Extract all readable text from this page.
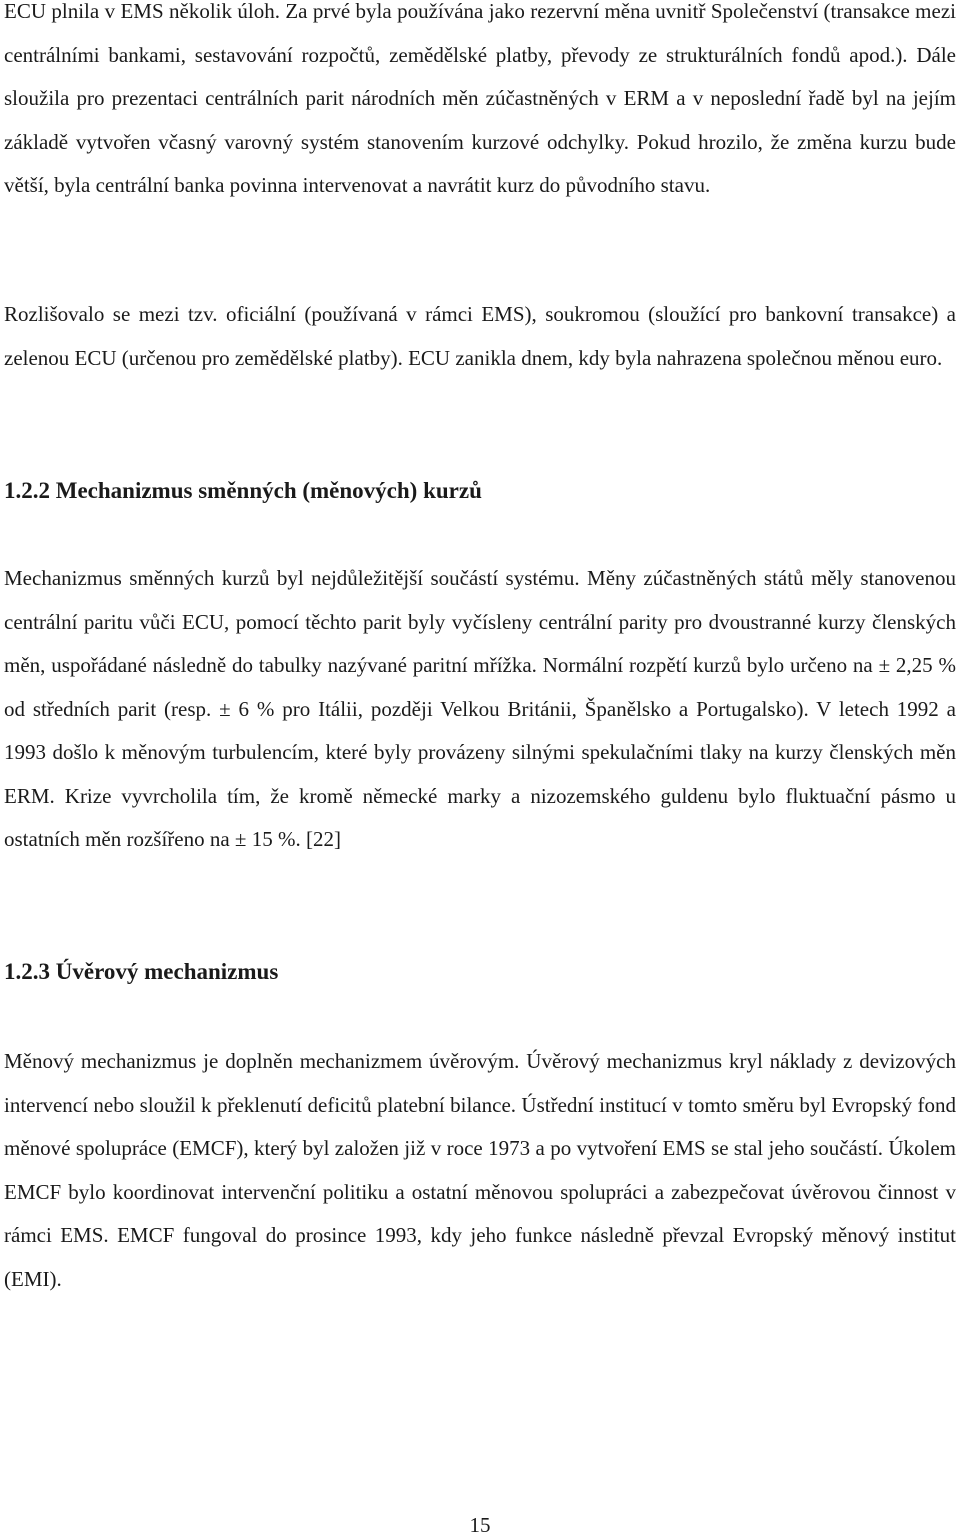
ECU plnila v EMS několik úloh. Za prvé byla používána jako rezervní měna uvnitř Společenství (transakce mezi centrálními bankami, sestavování rozpočtů, zemědělské platby, převody ze strukturálních fondů apod.). Dále sloužila pro prezentaci centrálních parit národních měn zúčastněných v ERM a v neposlední řadě byl na jejím základě vytvořen včasný varovný systém stanovením kurzové odchylky. Pokud hrozilo, že změna kurzu bude větší, byla centrální banka povinna intervenovat a navrátit kurz do původního stavu.

Rozlišovalo se mezi tzv. oficiální (používaná v rámci EMS), soukromou (sloužící pro bankovní transakce) a zelenou ECU (určenou pro zemědělské platby). ECU zanikla dnem, kdy byla nahrazena společnou měnou euro.

1.2.2 Mechanizmus směnných (měnových) kurzů

Mechanizmus směnných kurzů byl nejdůležitější součástí systému. Měny zúčastněných států měly stanovenou centrální paritu vůči ECU, pomocí těchto parit byly vyčísleny centrální parity pro dvoustranné kurzy členských měn, uspořádané následně do tabulky nazývané paritní mřížka. Normální rozpětí kurzů bylo určeno na ± 2,25 % od středních parit (resp. ± 6 % pro Itálii, později Velkou Británii, Španělsko a Portugalsko). V letech 1992 a 1993 došlo k měnovým turbulencím, které byly provázeny silnými spekulačními tlaky na kurzy členských měn ERM. Krize vyvrcholila tím, že kromě německé marky a nizozemského guldenu bylo fluktuační pásmo u ostatních měn rozšířeno na ± 15 %. [22]

1.2.3 Úvěrový mechanizmus

Měnový mechanizmus je doplněn mechanizmem úvěrovým. Úvěrový mechanizmus kryl náklady z devizových intervencí nebo sloužil k překlenutí deficitů platební bilance. Ústřední institucí v tomto směru byl Evropský fond měnové spolupráce (EMCF), který byl založen již v roce 1973 a po vytvoření EMS se stal jeho součástí. Úkolem EMCF bylo koordinovat intervenční politiku a ostatní měnovou spolupráci a zabezpečovat úvěrovou činnost v rámci EMS. EMCF fungoval do prosince 1993, kdy jeho funkce následně převzal Evropský měnový institut (EMI).

15
